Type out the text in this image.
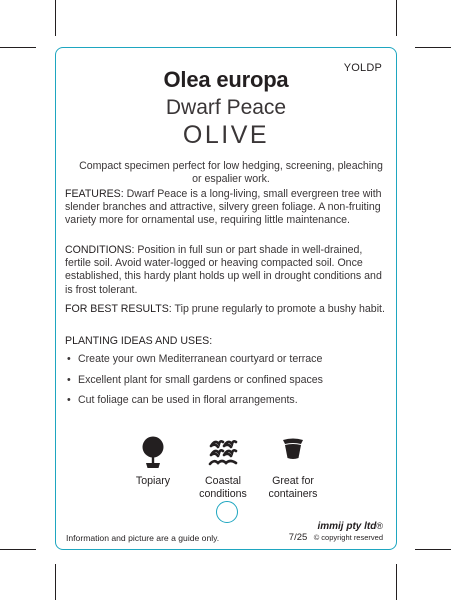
YOLDP
Olea europa
Dwarf Peace
OLIVE
Compact specimen perfect for low hedging, screening, pleaching or espalier work.
FEATURES: Dwarf Peace is a long-living, small evergreen tree with slender branches and attractive, silvery green foliage. A non-fruiting variety more for ornamental use, requiring little maintenance.
CONDITIONS: Position in full sun or part shade in well-drained, fertile soil. Avoid water-logged or heaving compacted soil. Once established, this hardy plant holds up well in drought conditions and is frost tolerant.
FOR BEST RESULTS: Tip prune regularly to promote a bushy habit.
PLANTING IDEAS AND USES:
• Create your own Mediterranean courtyard or terrace
• Excellent plant for small gardens or confined spaces
• Cut foliage can be used in floral arrangements.
Topiary	Coastal
conditions
Great for
containers
immij pty ltd®
Information and picture are a guide only.	7/25 © copyright reserved
